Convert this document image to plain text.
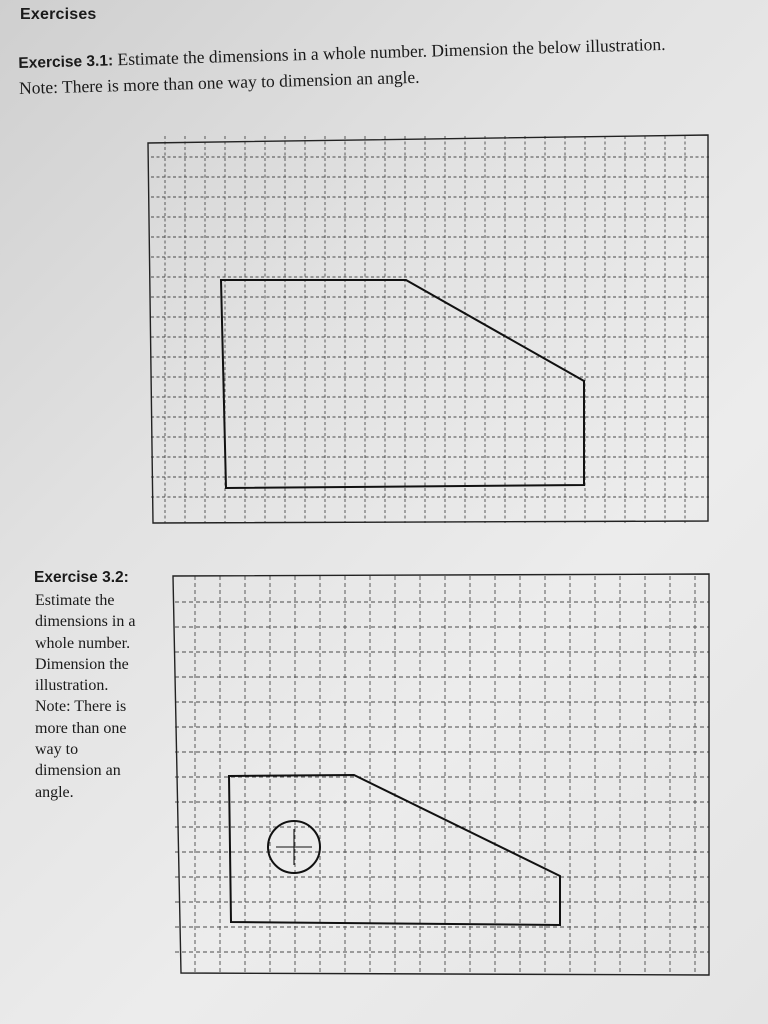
Exercises
Exercise 3.1: Estimate the dimensions in a whole number. Dimension the below illustration. Note: There is more than one way to dimension an angle.
Exercise 3.2:
Estimate the
dimensions in a
whole number.
Dimension the
illustration.
Note: There is
more than one
way to
dimension an
angle.
